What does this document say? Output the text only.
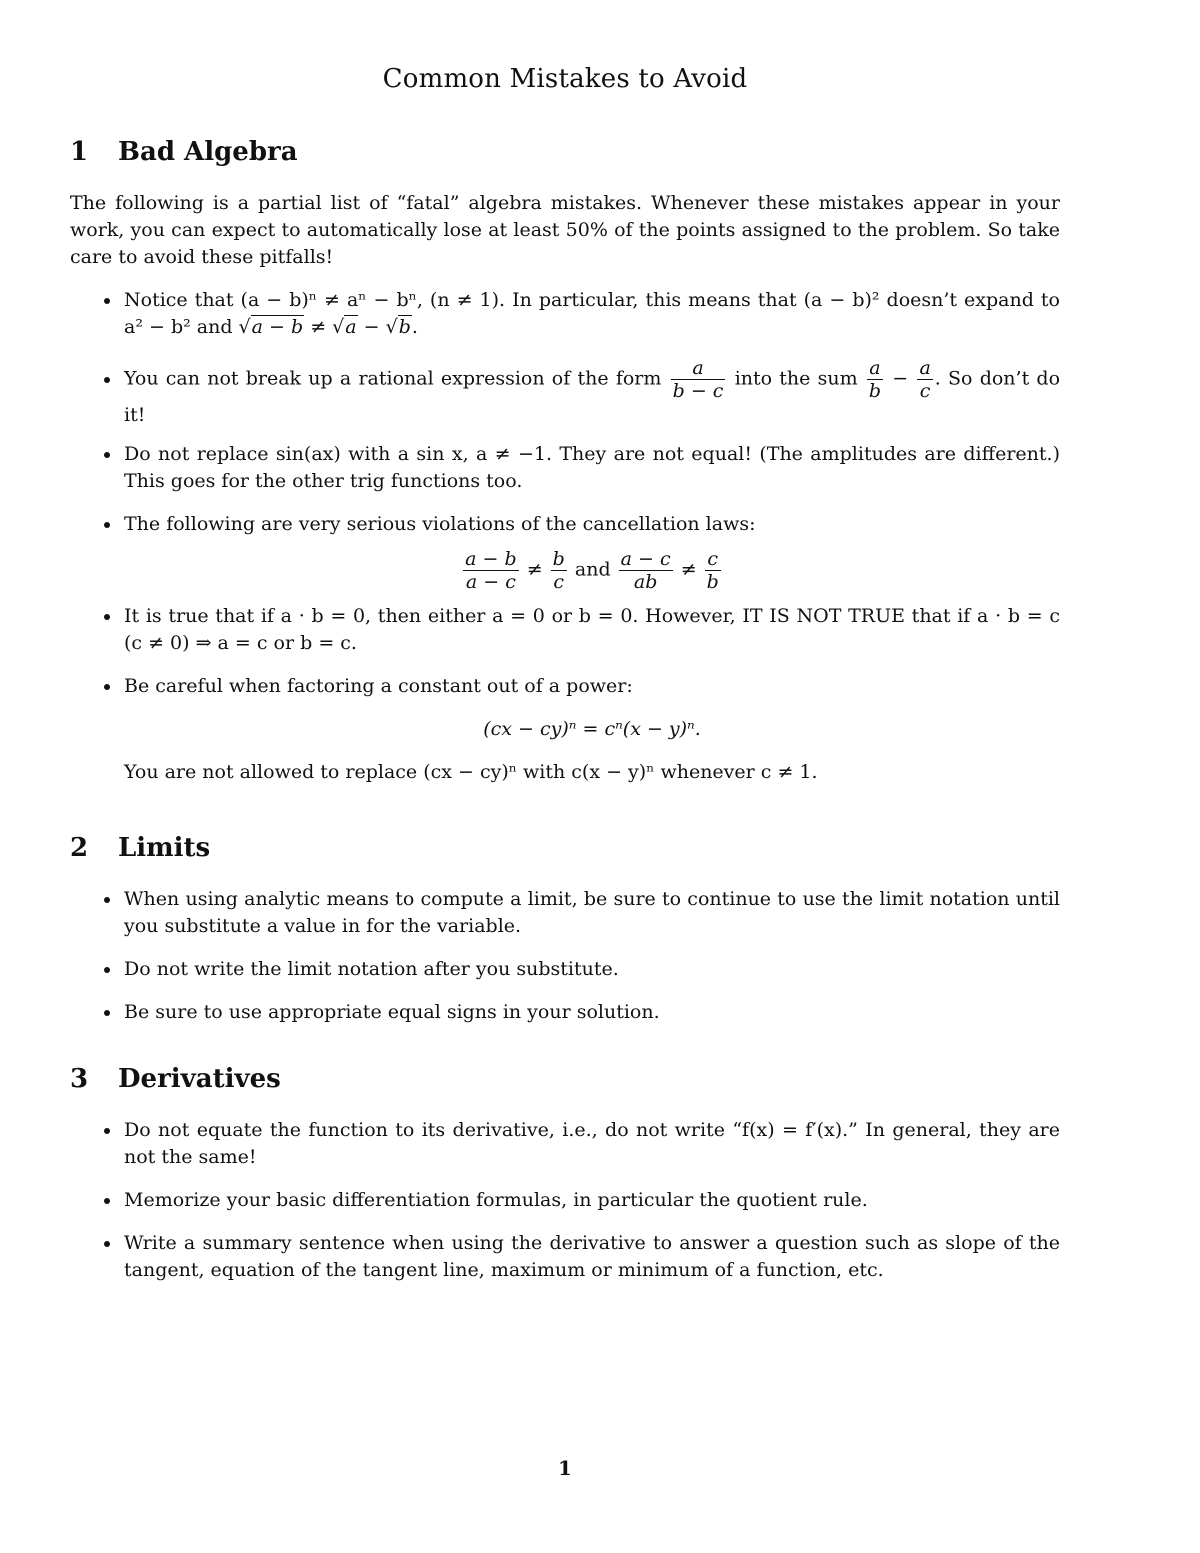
Common Mistakes to Avoid
1 Bad Algebra

The following is a partial list of “fatal” algebra mistakes. Whenever these mistakes appear in your work, you can expect to automatically lose at least 50% of the points assigned to the problem. So take care to avoid these pitfalls!

Notice that (a − b)ⁿ ≠ aⁿ − bⁿ, (n ≠ 1). In particular, this means that (a − b)² doesn’t expand to a² − b² and √a − b ≠ √a − √b.
You can not break up a rational expression of the form $\frac{a}{b - c}$ into the sum $\frac{a}{b} - \frac{a}{c}$ . So don’t do it!
Do not replace sin(ax) with a sin x, a ≠ −1. They are not equal! (The amplitudes are different.) This goes for the other trig functions too.
The following are very serious violations of the cancellation laws:
$\frac{a - b}{a - c} \ne \frac{b}{c}$ and $\frac{a - c}{ab} \ne \frac{c}{b}$
It is true that if a · b = 0, then either a = 0 or b = 0. However, IT IS NOT TRUE that if a · b = c (c ≠ 0) ⇒ a = c or b = c.
Be careful when factoring a constant out of a power:
(cx − cy)ⁿ = cⁿ(x − y)ⁿ.
You are not allowed to replace (cx − cy)ⁿ with c(x − y)ⁿ whenever c ≠ 1.
2 Limits
When using analytic means to compute a limit, be sure to continue to use the limit notation until you substitute a value in for the variable.
Do not write the limit notation after you substitute.
Be sure to use appropriate equal signs in your solution.
3 Derivatives
Do not equate the function to its derivative, i.e., do not write “f(x) = f′(x).” In general, they are not the same!
Memorize your basic differentiation formulas, in particular the quotient rule.
Write a summary sentence when using the derivative to answer a question such as slope of the tangent, equation of the tangent line, maximum or minimum of a function, etc.
1
